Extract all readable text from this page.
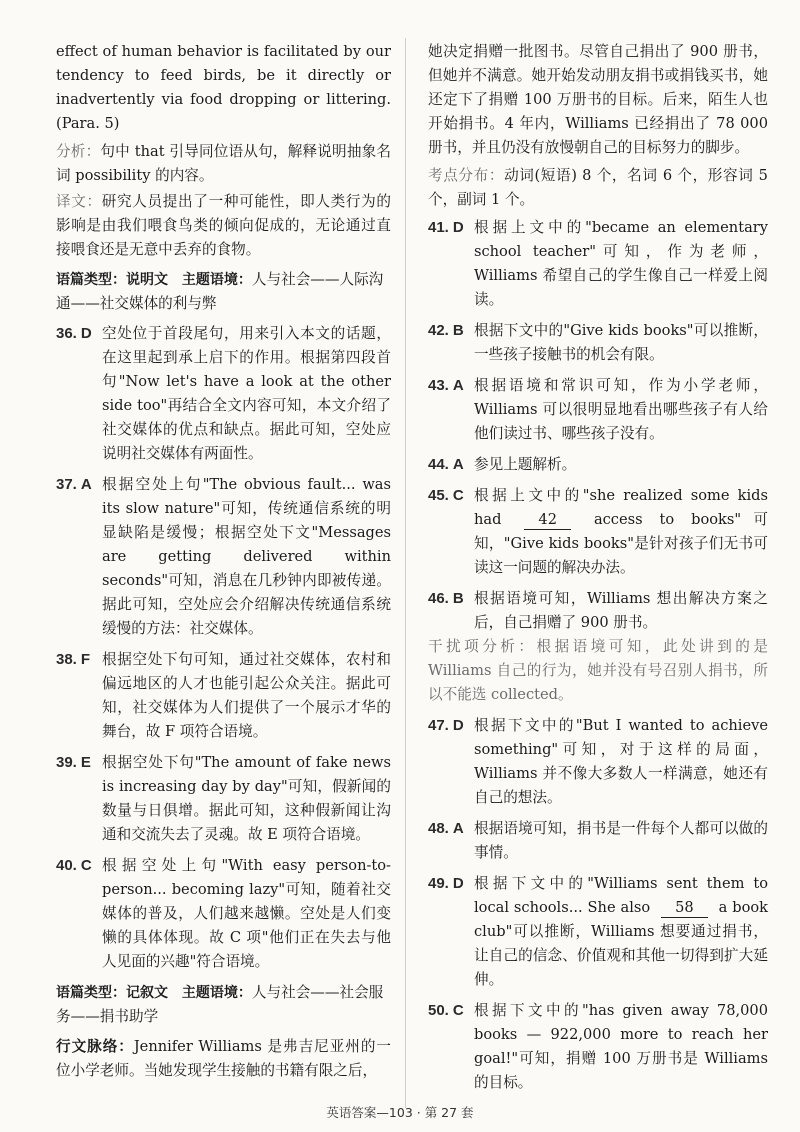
effect of human behavior is facilitated by our tendency to feed birds, be it directly or inadvertently via food dropping or littering. (Para. 5)

分析：句中 that 引导同位语从句，解释说明抽象名词 possibility 的内容。

译文：研究人员提出了一种可能性，即人类行为的影响是由我们喂食鸟类的倾向促成的，无论通过直接喂食还是无意中丢弃的食物。

语篇类型：说明文 主题语境：人与社会——人际沟通——社交媒体的利与弊
36. D 空处位于首段尾句，用来引入本文的话题，在这里起到承上启下的作用。根据第四段首句"Now let's have a look at the other side too"再结合全文内容可知，本文介绍了社交媒体的优点和缺点。据此可知，空处应说明社交媒体有两面性。
37. A 根据空处上句"The obvious fault... was its slow nature"可知，传统通信系统的明显缺陷是缓慢；根据空处下文"Messages are getting delivered within seconds"可知，消息在几秒钟内即被传递。据此可知，空处应会介绍解决传统通信系统缓慢的方法：社交媒体。
38. F 根据空处下句可知，通过社交媒体，农村和偏远地区的人才也能引起公众关注。据此可知，社交媒体为人们提供了一个展示才华的舞台，故 F 项符合语境。
39. E 根据空处下句"The amount of fake news is increasing day by day"可知，假新闻的数量与日俱增。据此可知，这种假新闻让沟通和交流失去了灵魂。故 E 项符合语境。
40. C 根据空处上句"With easy person-to-person... becoming lazy"可知，随着社交媒体的普及，人们越来越懒。空处是人们变懒的具体体现。故 C 项"他们正在失去与他人见面的兴趣"符合语境。
语篇类型：记叙文 主题语境：人与社会——社会服务——捐书助学

行文脉络：Jennifer Williams 是弗吉尼亚州的一位小学老师。当她发现学生接触的书籍有限之后，

她决定捐赠一批图书。尽管自己捐出了 900 册书，但她并不满意。她开始发动朋友捐书或捐钱买书，她还定下了捐赠 100 万册书的目标。后来，陌生人也开始捐书。4 年内，Williams 已经捐出了 78 000 册书，并且仍没有放慢朝自己的目标努力的脚步。

考点分布：动词(短语) 8 个，名词 6 个，形容词 5 个，副词 1 个。

41. D 根据上文中的"became an elementary school teacher"可知，作为老师，Williams 希望自己的学生像自己一样爱上阅读。
42. B 根据下文中的"Give kids books"可以推断，一些孩子接触书的机会有限。
43. A 根据语境和常识可知，作为小学老师，Williams 可以很明显地看出哪些孩子有人给他们读过书、哪些孩子没有。
44. A 参见上题解析。
45. C 根据上文中的"she realized some kids had	42	access to books"可知，"Give kids books"是针对孩子们无书可读这一问题的解决办法。
46. B 根据语境可知，Williams 想出解决方案之后，自己捐赠了 900 册书。
干扰项分析：根据语境可知，此处讲到的是 Williams 自己的行为，她并没有号召别人捐书，所以不能选 collected。
47. D 根据下文中的"But I wanted to achieve something"可知，对于这样的局面，Williams 并不像大多数人一样满意，她还有自己的想法。
48. A 根据语境可知，捐书是一件每个人都可以做的事情。
49. D 根据下文中的"Williams sent them to local schools... She also 58 a book club"可以推断，Williams 想要通过捐书，让自己的信念、价值观和其他一切得到扩大延伸。
50. C 根据下文中的"has given away 78,000 books — 922,000 more to reach her goal!"可知，捐赠 100 万册书是 Williams 的目标。
英语答案—103 · 第 27 套
